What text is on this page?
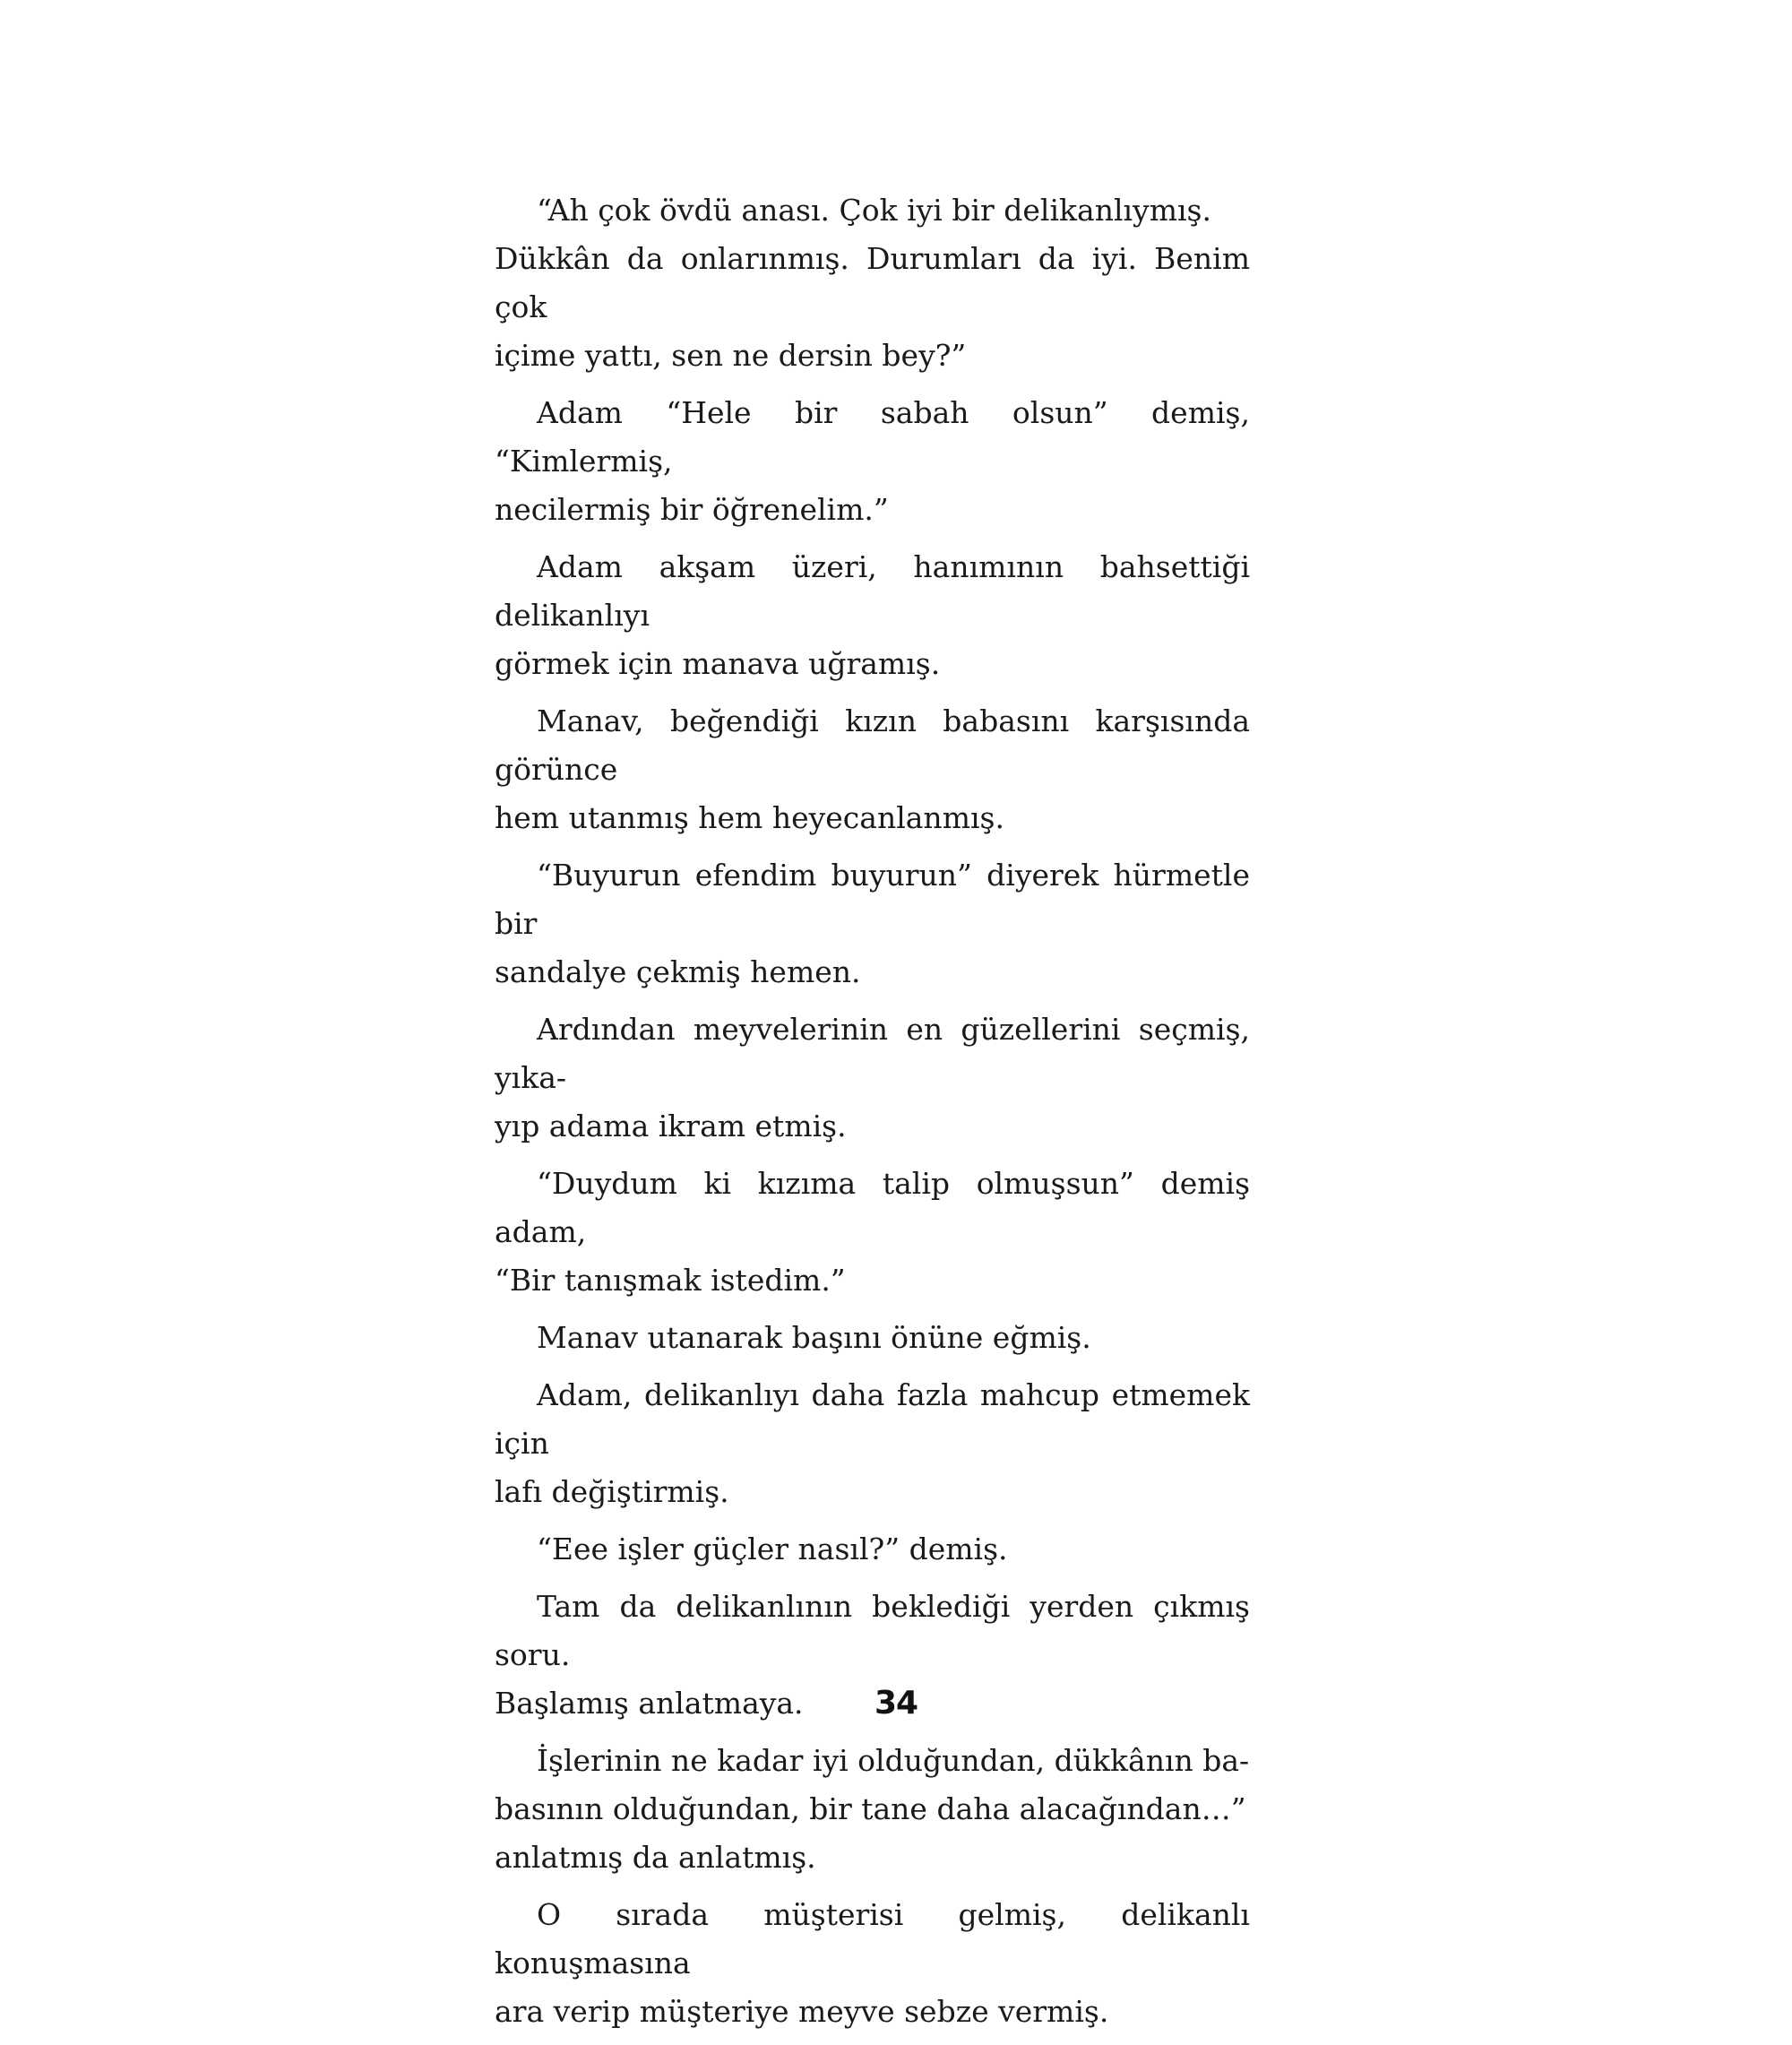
“Ah çok övdü anası. Çok iyi bir delikanlıymış.
Dükkân da onlarınmış. Durumları da iyi. Benim çok
içime yattı, sen ne dersin bey?”

Adam “Hele bir sabah olsun” demiş, “Kimlermiş,
necilermiş bir öğrenelim.”

Adam akşam üzeri, hanımının bahsettiği delikanlıyı
görmek için manava uğramış.

Manav, beğendiği kızın babasını karşısında görünce
hem utanmış hem heyecanlanmış.

“Buyurun efendim buyurun” diyerek hürmetle bir
sandalye çekmiş hemen.

Ardından meyvelerinin en güzellerini seçmiş, yıka-
yıp adama ikram etmiş.

“Duydum ki kızıma talip olmuşsun” demiş adam,
“Bir tanışmak istedim.”

Manav utanarak başını önüne eğmiş.

Adam, delikanlıyı daha fazla mahcup etmemek için
lafı değiştirmiş.

“Eee işler güçler nasıl?” demiş.

Tam da delikanlının beklediği yerden çıkmış soru.
Başlamış anlatmaya.

İşlerinin ne kadar iyi olduğundan, dükkânın ba-
basının olduğundan, bir tane daha alacağından…”
anlatmış da anlatmış.

O sırada müşterisi gelmiş, delikanlı konuşmasına
ara verip müşteriye meyve sebze vermiş.

34
